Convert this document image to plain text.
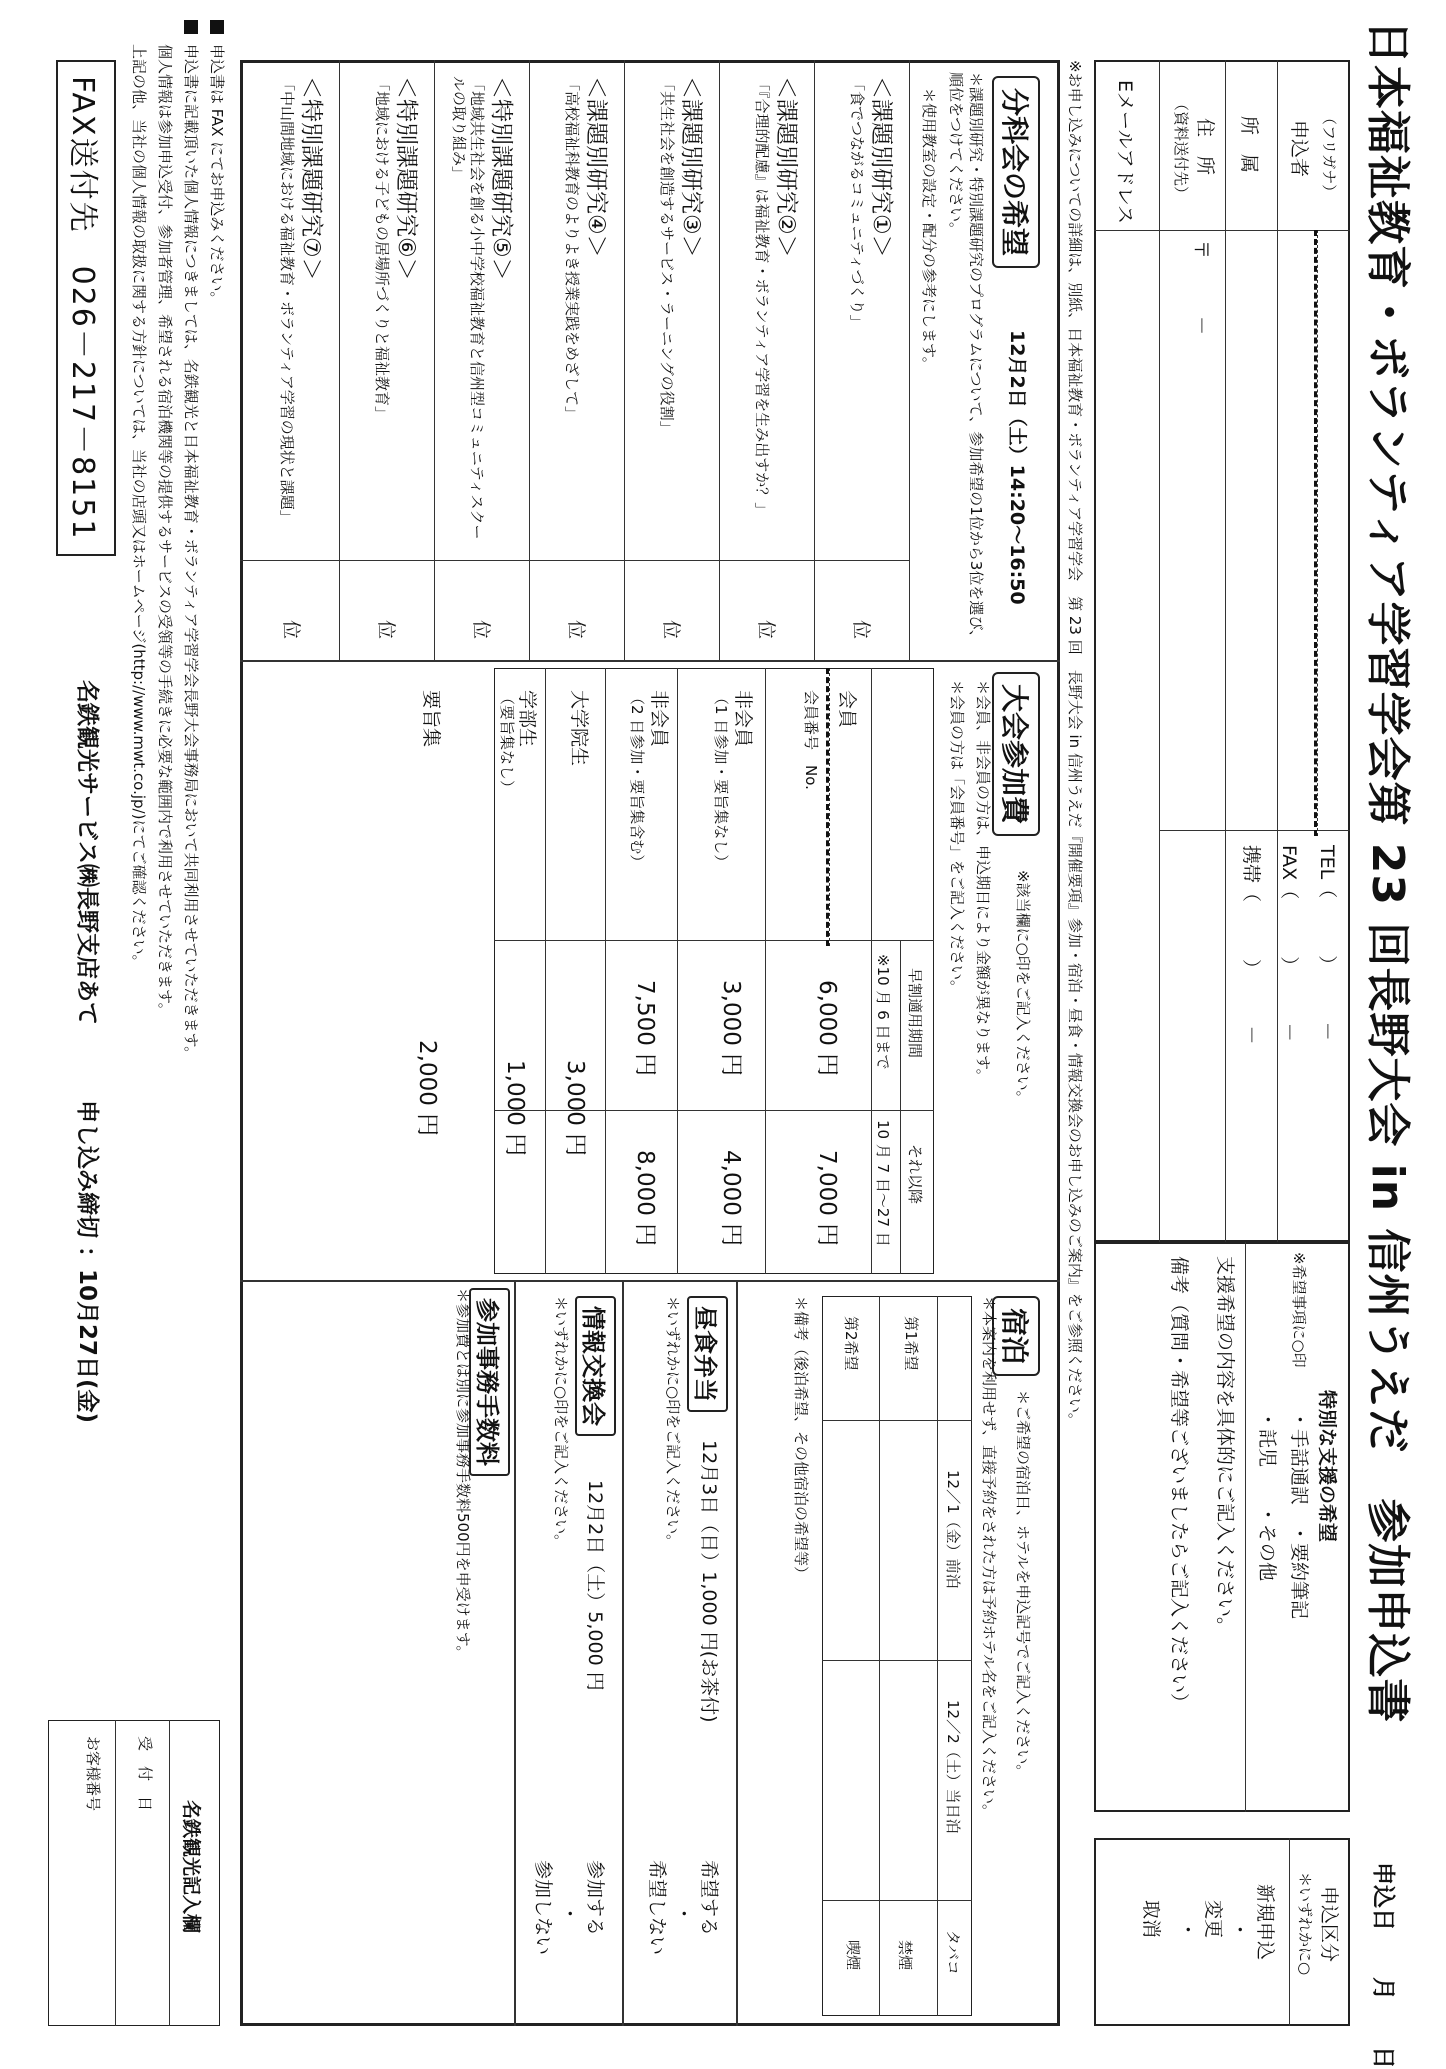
日本福祉教育・ボランティア学習学会第 23 回長野大会 in 信州うえだ　参加申込書
申込日　　月　　日
（フリガナ）
申込者
所　属
住　所
（資料送付先）
〒　　　－
Eメールアドレス
TEL（　　　）　　　－
FAX（　　　）　　　－
携帯（　　　）　　　－
特別な支援の希望
※希望事項に○印
・手話通訳　・要約筆記
・託児　　・その他
支援希望の内容を具体的にご記入ください。
備考（質問・希望等ございましたらご記入ください）
申込区分
＊いずれかに○
新規申込
・
変更
・
取消
※お申し込みについての詳細は、別紙、日本福祉教育・ボランティア学習学会　第 23 回　長野大会 in 信州うえだ『開催要項』参加・宿泊・昼食・情報交換会のお申し込みのご案内』をご参照ください。
分科会の希望
12月2日（土）14:20～16:50
＊課題別研究・特別課題研究のプログラムについて、参加希望の1位から3位を選び、順位をつけてください。
＊使用教室の設定・配分の参考にします。
＜課題別研究①＞
「食でつながるコミュニティづくり」
位
＜課題別研究②＞
「『合理的配慮』は福祉教育・ボランティア学習を生み出すか？」
位
＜課題別研究③＞
「共生社会を創造するサービス・ラーニングの役割」
位
＜課題別研究④＞
「高校福祉科教育のよりよき授業実践をめざして」
位
＜特別課題研究⑤＞
「地域共生社会を創る小中学校福祉教育と信州型コミュニティスクールの取り組み」
位
＜特別課題研究⑥＞
「地域における子どもの居場所づくりと福祉教育」
位
＜特別課題研究⑦＞
「中山間地域における福祉教育・ボランティア学習の現状と課題」
位
大会参加費
※該当欄に○印をご記入ください。
＊会員、非会員の方は、申込期日により金額が異なります。
＊会員の方は「会員番号」をご記入ください。
早割適用期間
それ以降
※10 月 6 日まで
10 月 7 日～27 日
会員
会員番号　No.
6,000 円
7,000 円
非会員
（1 日参加・要旨集なし）
3,000 円
4,000 円
非会員
（2 日参加・要旨集含む）
7,500 円
8,000 円
大学院生
3,000 円
学部生
（要旨集なし）
1,000 円
要旨集
2,000 円
宿泊
＊ご希望の宿泊日、ホテルを申込記号でご記入ください。
＊本案内を利用せず、直接予約をされた方は予約ホテル名をご記入ください。
12／1（金）前泊
12／2（土）当日泊
タバコ
第1希望
第2希望
禁煙
喫煙
＊備考（後泊希望、その他宿泊の希望等）
昼食弁当
12月3日（日）1,000 円(お茶付)
＊いずれかに○印をご記入ください。
希望する
・
希望しない
情報交換会
12月2日（土）5,000 円
＊いずれかに○印をご記入ください。
参加する
・
参加しない
参加事務手数料
＊参加費とは別に参加事務手数料500円を申受けます。
申込書は FAX にてお申込みください。
申込書に記載頂いた個人情報につきましては、名鉄観光と日本福祉教育・ボランティア学習学会長野大会事務局において共同利用させていただきます。
個人情報は参加申込受付、参加者管理、希望される宿泊機関等の提供するサービスの受領等の手続きに必要な範囲内で利用させていただきます。
上記の他、当社の個人情報の取扱に関する方針については、当社の店頭又はホームページ(http://www.mwt.co.jp/)にてご確認ください。
FAX送付先　026－217－8151
名鉄観光サービス㈱長野支店あて
申し込み締切 ：10月27日(金)
名鉄観光記入欄
受　付　日
お客様番号
